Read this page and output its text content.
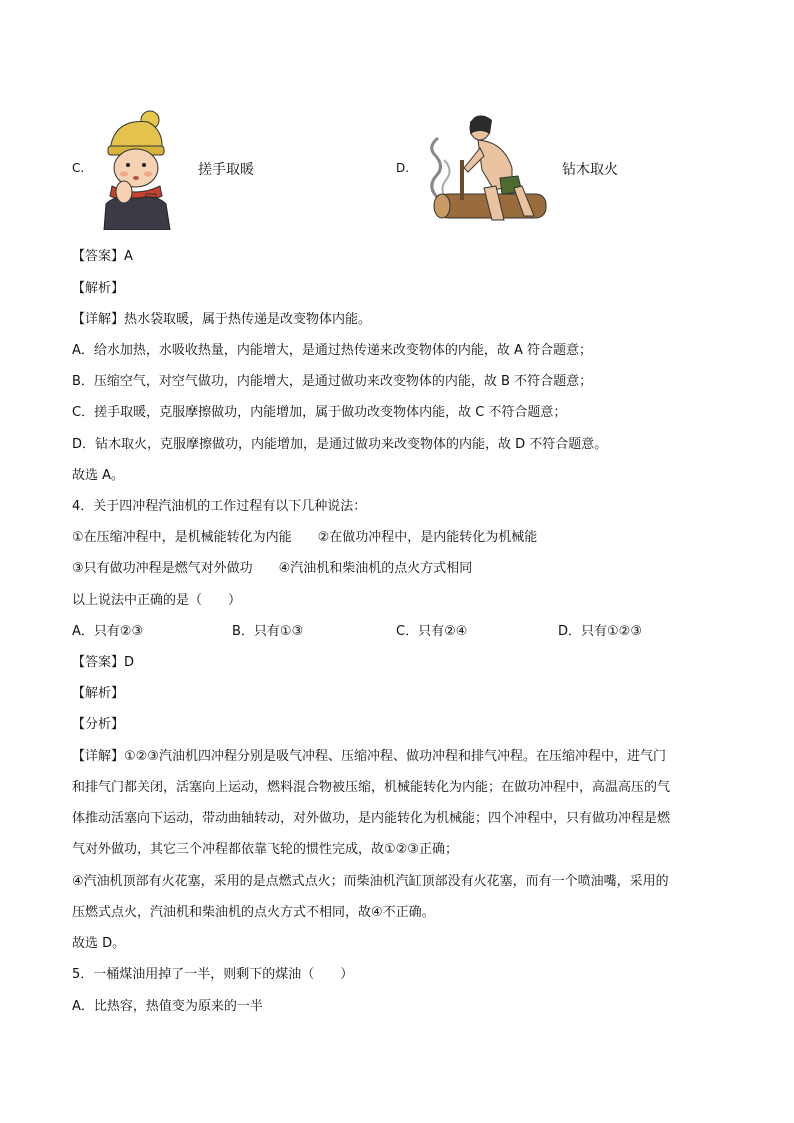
C.	搓手取暖	D.	钻木取火
【答案】A
【解析】
【详解】热水袋取暖，属于热传递是改变物体内能。
A．给水加热，水吸收热量，内能增大，是通过热传递来改变物体的内能，故 A 符合题意；
B．压缩空气，对空气做功，内能增大，是通过做功来改变物体的内能，故 B 不符合题意；
C．搓手取暖，克服摩擦做功，内能增加，属于做功改变物体内能，故 C 不符合题意；
D．钻木取火，克服摩擦做功，内能增加，是通过做功来改变物体的内能，故 D 不符合题意。
故选 A。
4．关于四冲程汽油机的工作过程有以下几种说法：
①在压缩冲程中，是机械能转化为内能　　②在做功冲程中，是内能转化为机械能
③只有做功冲程是燃气对外做功　　④汽油机和柴油机的点火方式相同
以上说法中正确的是（　　）
A．只有②③	B．只有①③	C．只有②④	D．只有①②③
【答案】D
【解析】
【分析】
【详解】①②③汽油机四冲程分别是吸气冲程、压缩冲程、做功冲程和排气冲程。在压缩冲程中，进气门
和排气门都关闭，活塞向上运动，燃料混合物被压缩，机械能转化为内能；在做功冲程中，高温高压的气
体推动活塞向下运动，带动曲轴转动，对外做功，是内能转化为机械能；四个冲程中，只有做功冲程是燃
气对外做功，其它三个冲程都依靠飞轮的惯性完成，故①②③正确；
④汽油机顶部有火花塞，采用的是点燃式点火；而柴油机汽缸顶部没有火花塞，而有一个喷油嘴，采用的
压燃式点火，汽油机和柴油机的点火方式不相同，故④不正确。
故选 D。
5．一桶煤油用掉了一半，则剩下的煤油（　　）
A．比热容，热值变为原来的一半
